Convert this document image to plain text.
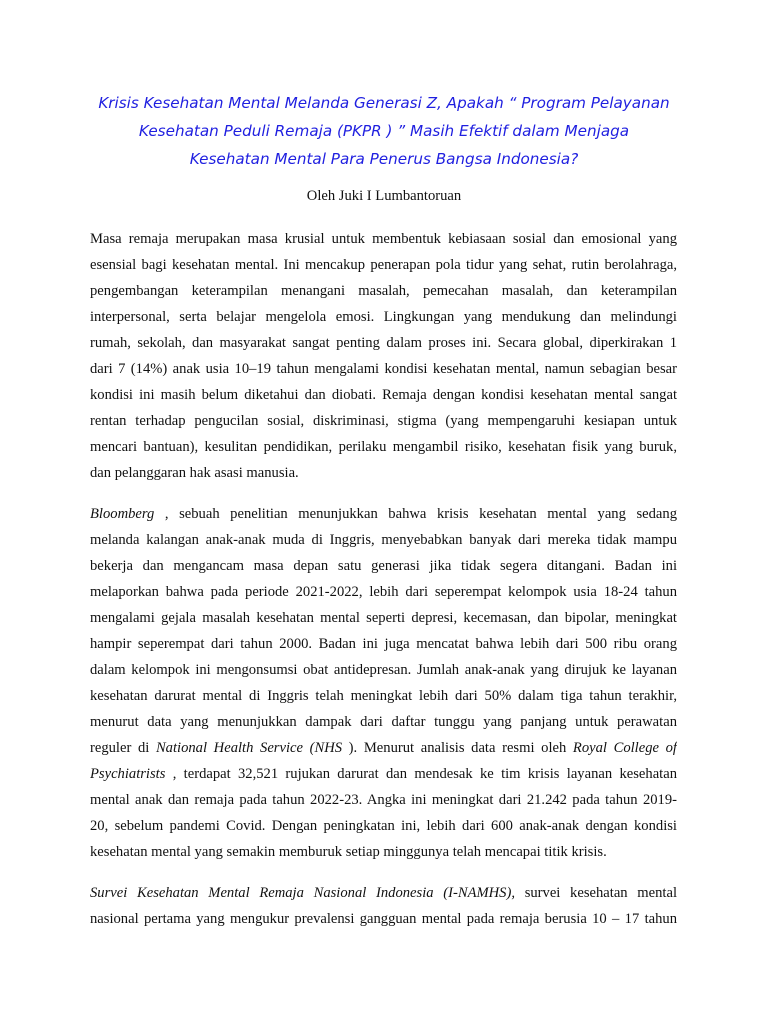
Krisis Kesehatan Mental Melanda Generasi Z, Apakah “ Program Pelayanan
Kesehatan Peduli Remaja (PKPR ) ” Masih Efektif dalam Menjaga
Kesehatan Mental Para Penerus Bangsa Indonesia?

Oleh Juki I Lumbantoruan

Masa remaja merupakan masa krusial untuk membentuk kebiasaan sosial dan emosional yang
esensial bagi kesehatan mental. Ini mencakup penerapan pola tidur yang sehat, rutin berolahraga,
pengembangan keterampilan menangani masalah, pemecahan masalah, dan keterampilan
interpersonal, serta belajar mengelola emosi. Lingkungan yang mendukung dan melindungi
rumah, sekolah, dan masyarakat sangat penting dalam proses ini. Secara global, diperkirakan 1
dari 7 (14%) anak usia 10–19 tahun mengalami kondisi kesehatan mental, namun sebagian besar
kondisi ini masih belum diketahui dan diobati. Remaja dengan kondisi kesehatan mental sangat
rentan terhadap pengucilan sosial, diskriminasi, stigma (yang mempengaruhi kesiapan untuk
mencari bantuan), kesulitan pendidikan, perilaku mengambil risiko, kesehatan fisik yang buruk,
dan pelanggaran hak asasi manusia.
Bloomberg , sebuah penelitian menunjukkan bahwa krisis kesehatan mental yang sedang
melanda kalangan anak-anak muda di Inggris, menyebabkan banyak dari mereka tidak mampu
bekerja dan mengancam masa depan satu generasi jika tidak segera ditangani. Badan ini
melaporkan bahwa pada periode 2021-2022, lebih dari seperempat kelompok usia 18-24 tahun
mengalami gejala masalah kesehatan mental seperti depresi, kecemasan, dan bipolar, meningkat
hampir seperempat dari tahun 2000. Badan ini juga mencatat bahwa lebih dari 500 ribu orang
dalam kelompok ini mengonsumsi obat antidepresan. Jumlah anak-anak yang dirujuk ke layanan
kesehatan darurat mental di Inggris telah meningkat lebih dari 50% dalam tiga tahun terakhir,
menurut data yang menunjukkan dampak dari daftar tunggu yang panjang untuk perawatan
reguler di National Health Service (NHS ). Menurut analisis data resmi oleh Royal College of
Psychiatrists , terdapat 32,521 rujukan darurat dan mendesak ke tim krisis layanan kesehatan
mental anak dan remaja pada tahun 2022-23. Angka ini meningkat dari 21.242 pada tahun 2019-
20, sebelum pandemi Covid. Dengan peningkatan ini, lebih dari 600 anak-anak dengan kondisi
kesehatan mental yang semakin memburuk setiap minggunya telah mencapai titik krisis.
Survei Kesehatan Mental Remaja Nasional Indonesia (I-NAMHS), survei kesehatan mental
nasional pertama yang mengukur prevalensi gangguan mental pada remaja berusia 10 – 17 tahun
